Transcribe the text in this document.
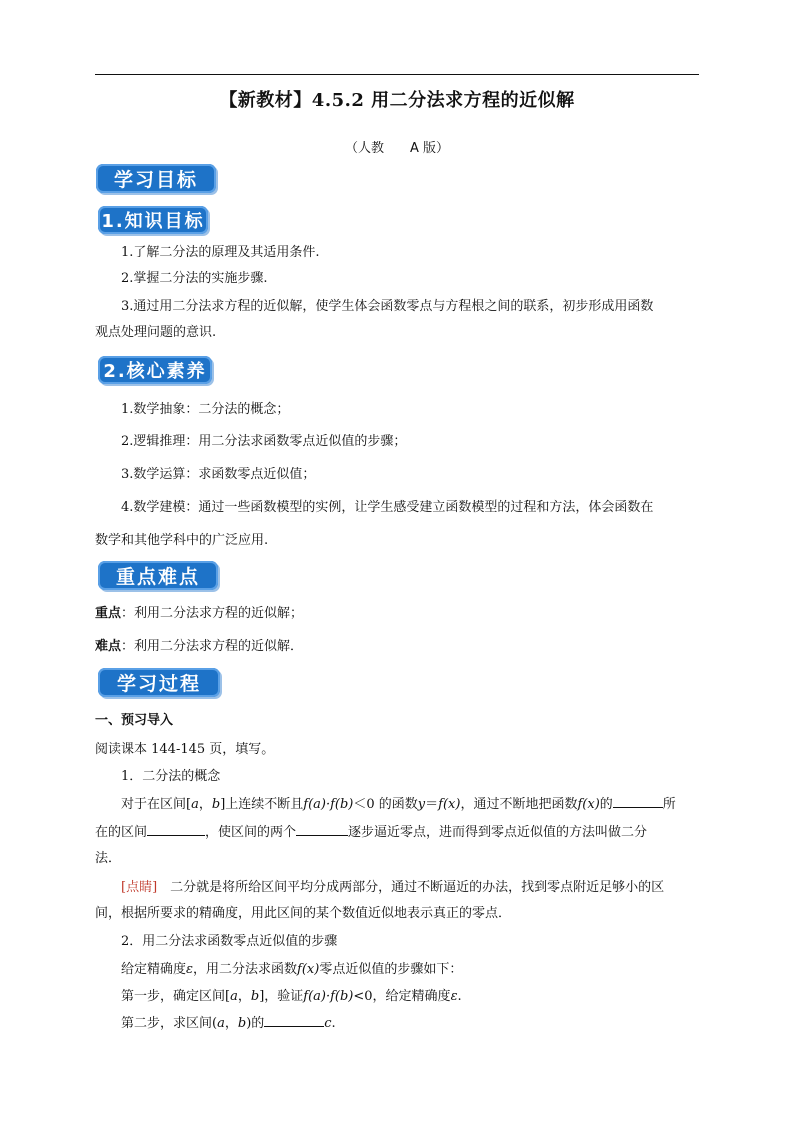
【新教材】4.5.2 用二分法求方程的近似解
（人教 A 版）
学习目标
1.知识目标
1.了解二分法的原理及其适用条件.
2.掌握二分法的实施步骤.
3.通过用二分法求方程的近似解，使学生体会函数零点与方程根之间的联系，初步形成用函数
观点处理问题的意识.
2.核心素养
1.数学抽象：二分法的概念；
2.逻辑推理：用二分法求函数零点近似值的步骤；
3.数学运算：求函数零点近似值；
4.数学建模：通过一些函数模型的实例，让学生感受建立函数模型的过程和方法，体会函数在
数学和其他学科中的广泛应用.
重点难点
重点：利用二分法求方程的近似解；
难点：利用二分法求方程的近似解．
学习过程
一、预习导入
阅读课本 144-145 页，填写。
1．二分法的概念
对于在区间[a，b]上连续不断且f(a)·f(b)＜0 的函数y＝f(x)，通过不断地把函数f(x)的	所
在的区间	，使区间的两个	逐步逼近零点，进而得到零点近似值的方法叫做二分
法．
[点睛]　二分就是将所给区间平均分成两部分，通过不断逼近的办法，找到零点附近足够小的区
间，根据所要求的精确度，用此区间的某个数值近似地表示真正的零点．
2．用二分法求函数零点近似值的步骤
给定精确度ε，用二分法求函数f(x)零点近似值的步骤如下：
第一步，确定区间[a，b]，验证f(a)·f(b)<0，给定精确度ε.
第二步，求区间(a，b)的	c.
